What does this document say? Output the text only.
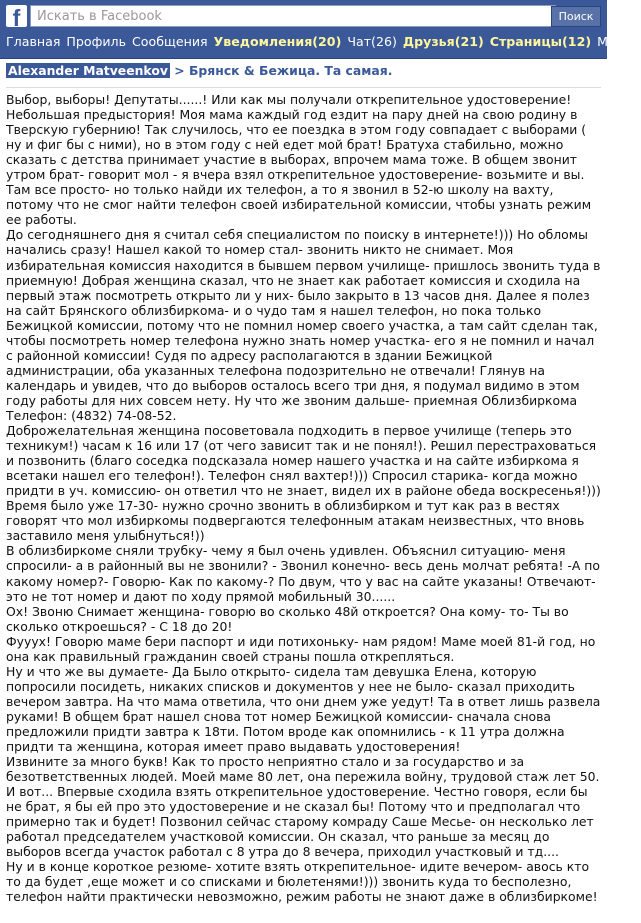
f
Искать в Facebook	Поиск
Главная Профиль Сообщения Уведомления(20) Чат(26) Друзья(21) Страницы(12) Меню
Alexander Matveenkov > Брянск & Бежица. Та самая.

Выбор, выборы! Депутаты......! Или как мы получали открепительное удостоверение!

Небольшая предыстория! Моя мама каждый год ездит на пару дней на свою родину в Тверскую губернию! Так случилось, что ее поездка в этом году совпадает с выборами ( ну и фиг бы с ними), но в этом году с ней едет мой брат! Братуха стабильно, можно сказать с детства принимает участие в выборах, впрочем мама тоже. В общем звонит утром брат- говорит мол - я вчера взял открепительное удостоверение- возьмите и вы. Там все просто- но только найди их телефон, а то я звонил в 52-ю школу на вахту, потому что не смог найти телефон своей избирательной комиссии, чтобы узнать режим ее работы.

До сегодняшнего дня я считал себя специалистом по поиску в интернете!))) Но обломы начались сразу! Нашел какой то номер стал- звонить никто не снимает. Моя избирательная комиссия находится в бывшем первом училище- пришлось звонить туда в приемную! Добрая женщина сказал, что не знает как работает комиссия и сходила на первый этаж посмотреть открыто ли у них- было закрыто в 13 часов дня. Далее я полез на сайт Брянского облизбиркома- и о чудо там я нашел телефон, но пока только Бежицкой комиссии, потому что не помнил номер своего участка, а там сайт сделан так, чтобы посмотреть номер телефона нужно знать номер участка- его я не помнил и начал с районной комиссии! Судя по адресу располагаются в здании Бежицкой администрации, оба указанных телефона подозрительно не отвечали! Глянув на календарь и увидев, что до выборов осталось всего три дня, я подумал видимо в этом году работы для них совсем нету. Ну что же звоним дальше- приемная Облизбиркома Телефон: (4832) 74-08-52.

Доброжелательная женщина посоветовала подходить в первое училище (теперь это техникум!) часам к 16 или 17 (от чего зависит так и не понял!). Решил перестраховаться и позвонить (благо соседка подсказала номер нашего участка и на сайте избиркома я всетаки нашел его телефон!). Телефон снял вахтер!))) Спросил старика- когда можно придти в уч. комиссию- он ответил что не знает, видел их в районе обеда воскресенья!)))

Время было уже 17-30- нужно срочно звонить в облизбирком и тут как раз в вестях говорят что мол избиркомы подвергаются телефонным атакам неизвестных, что вновь заставило меня улыбнуться!))

В облизбиркоме сняли трубку- чему я был очень удивлен. Объяснил ситуацию- меня спросили- а в районный вы не звонили? - Звонил конечно- весь день молчат ребята! -А по какому номер?- Говорю- Как по какому-? По двум, что у вас на сайте указаны! Отвечают- это не тот номер и дают по ходу прямой мобильный 30......

Ох! Звоню Снимает женщина- говорю во сколько 48й откроется? Она кому- то- Ты во сколько откроешься? - С 18 до 20!

Фууух! Говорю маме бери паспорт и иди потихоньку- нам рядом! Маме моей 81-й год, но она как правильный гражданин своей страны пошла открепляться.

Ну и что же вы думаете- Да Было открыто- сидела там девушка Елена, которую попросили посидеть, никаких списков и документов у нее не было- сказал приходить вечером завтра. На что мама ответила, что они днем уже уедут! Та в ответ лишь развела руками! В общем брат нашел снова тот номер Бежицкой комиссии- сначала снова предложили придти завтра к 18ти. Потом вроде как опомнились - к 11 утра должна придти та женщина, которая имеет право выдавать удостоверения!

Извините за много букв! Как то просто неприятно стало и за государство и за безответственных людей. Моей маме 80 лет, она пережила войну, трудовой стаж лет 50. И вот... Впервые сходила взять открепительное удостоверение. Честно говоря, если бы не брат, я бы ей про это удостоверение и не сказал бы! Потому что и предполагал что примерно так и будет! Позвонил сейчас старому комраду Саше Месье- он несколько лет работал председателем участковой комиссии. Он сказал, что раньше за месяц до выборов всегда участок работал с 8 утра до 8 вечера, приходил участковый и тд....

Ну и в конце короткое резюме- хотите взять открепительное- идите вечером- авось кто то да будет ,еще может и со списками и бюлетенями!))) звонить куда то бесполезно, телефон найти практически невозможно, режим работы не знают даже в облизбиркоме!
